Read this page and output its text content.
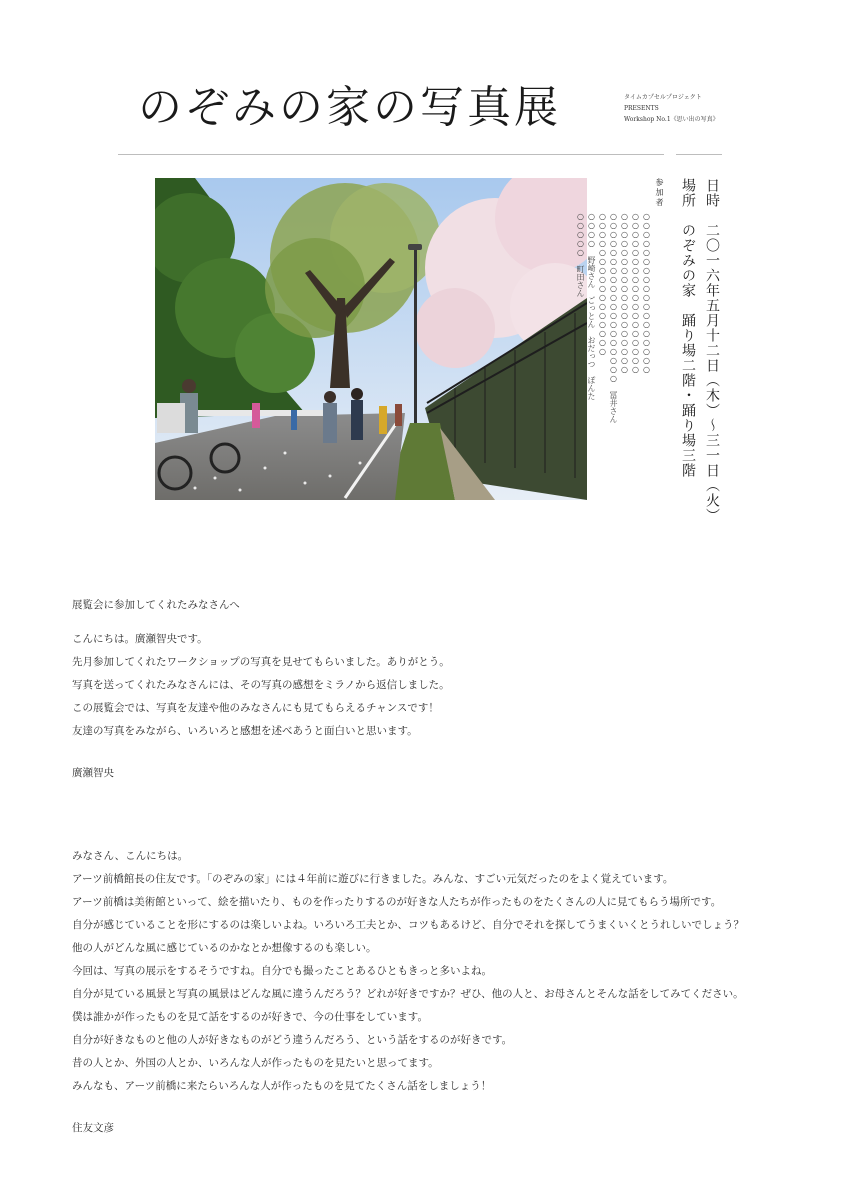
のぞみの家の写真展	タイムカプセルプロジェクト
PRESENTS
Workshop No.1《思い出の写真》
日時　二〇一六年五月十二日（木）〜三一日（火）
場所　のぞみの家　踊り場二階・踊り場三階
参加者
○○○○○○○○○○○○○○○○○○
○○○○○○○○○○○○○○○○○○
○○○○○○○○○○○○○○○○○○
○○○○○○○○○○○○○○○○○○○　冨井さん
○○○○○○○○○○○○○○○○
○○○○　野崎さん　ごっとん　おだっつ　ぽんた
○○○○○　町田さん
展覧会に参加してくれたみなさんへ
こんにちは。廣瀬智央です。
先月参加してくれたワークショップの写真を見せてもらいました。ありがとう。
写真を送ってくれたみなさんには、その写真の感想をミラノから返信しました。
この展覧会では、写真を友達や他のみなさんにも見てもらえるチャンスです！
友達の写真をみながら、いろいろと感想を述べあうと面白いと思います。
廣瀬智央
みなさん、こんにちは。
アーツ前橋館長の住友です。「のぞみの家」には４年前に遊びに行きました。みんな、すごい元気だったのをよく覚えています。
アーツ前橋は美術館といって、絵を描いたり、ものを作ったりするのが好きな人たちが作ったものをたくさんの人に見てもらう場所です。
自分が感じていることを形にするのは楽しいよね。いろいろ工夫とか、コツもあるけど、自分でそれを探してうまくいくとうれしいでしょう？
他の人がどんな風に感じているのかなとか想像するのも楽しい。
今回は、写真の展示をするそうですね。自分でも撮ったことあるひともきっと多いよね。
自分が見ている風景と写真の風景はどんな風に違うんだろう？どれが好きですか？ぜひ、他の人と、お母さんとそんな話をしてみてください。
僕は誰かが作ったものを見て話をするのが好きで、今の仕事をしています。
自分が好きなものと他の人が好きなものがどう違うんだろう、という話をするのが好きです。
昔の人とか、外国の人とか、いろんな人が作ったものを見たいと思ってます。
みんなも、アーツ前橋に来たらいろんな人が作ったものを見てたくさん話をしましょう！
住友文彦
